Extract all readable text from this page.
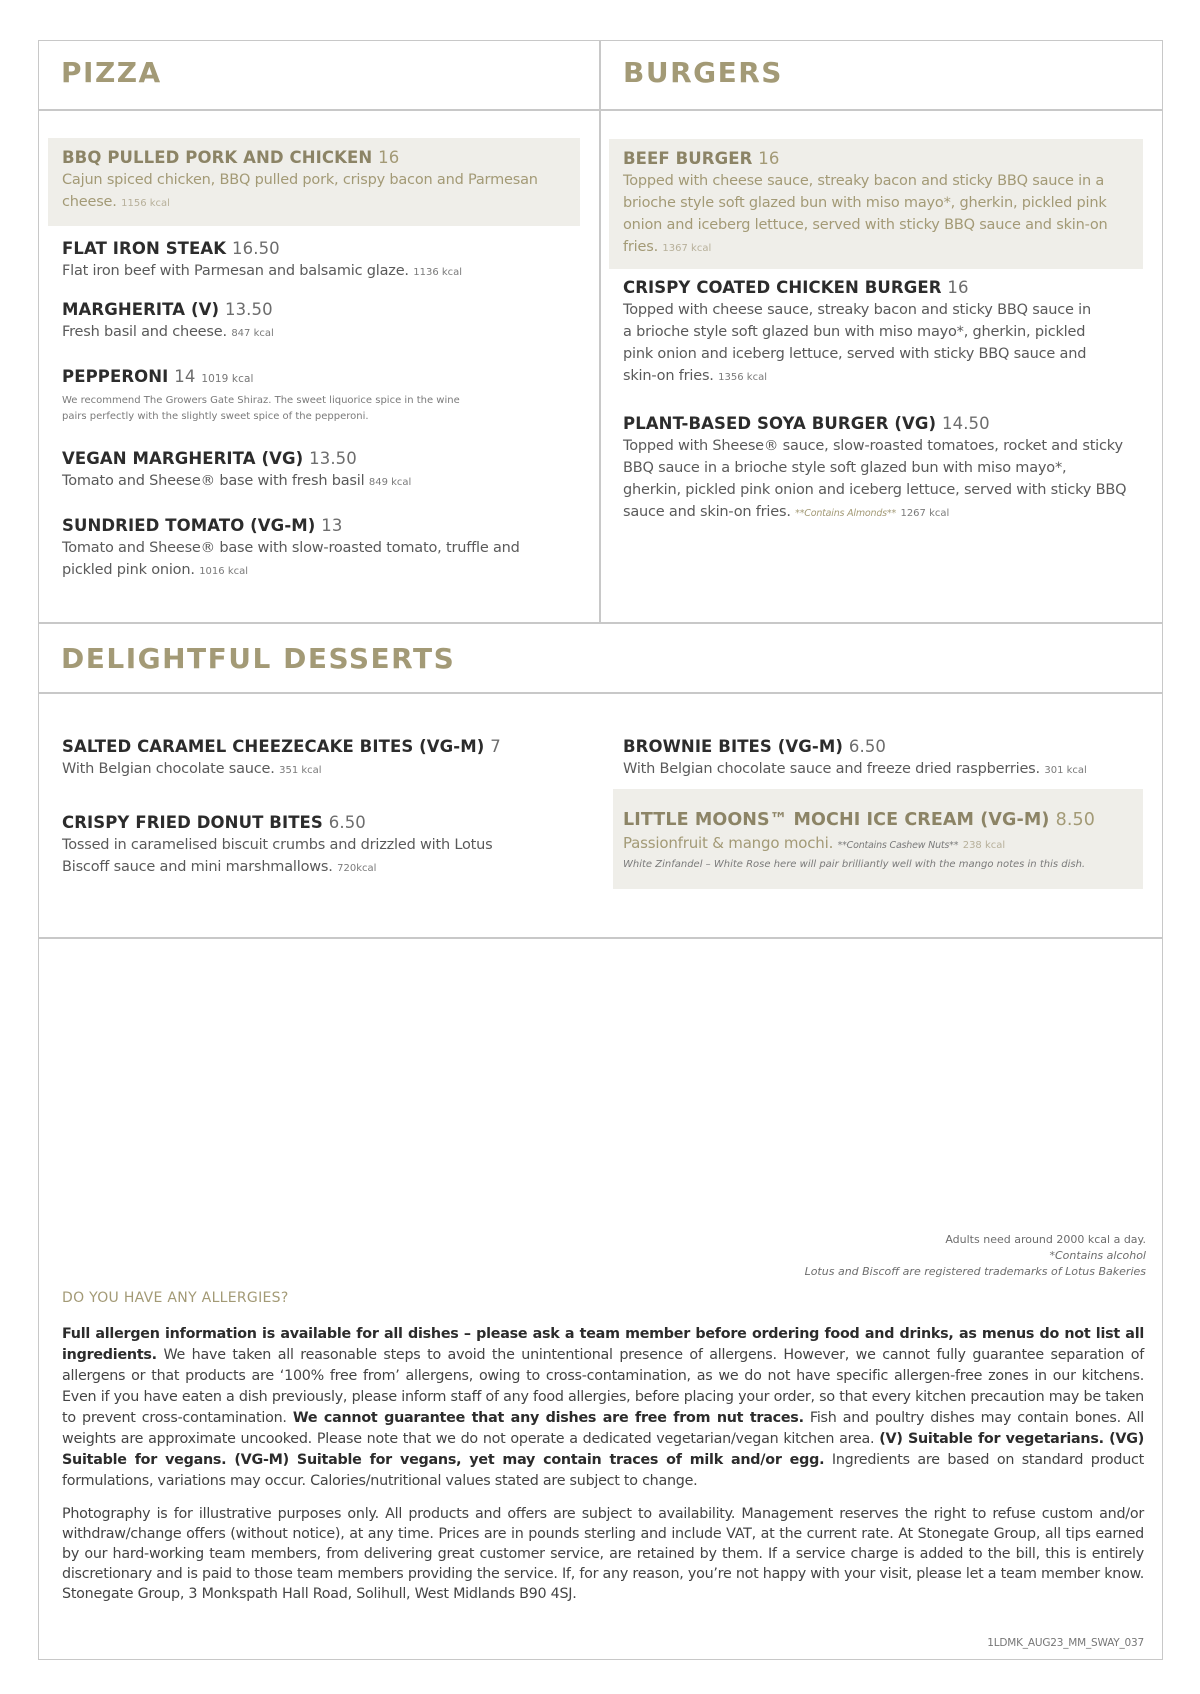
PIZZA
BBQ PULLED PORK AND CHICKEN 16
Cajun spiced chicken, BBQ pulled pork, crispy bacon and Parmesan cheese. 1156 kcal
FLAT IRON STEAK 16.50
Flat iron beef with Parmesan and balsamic glaze. 1136 kcal
MARGHERITA (V) 13.50
Fresh basil and cheese. 847 kcal
PEPPERONI 14 1019 kcal
We recommend The Growers Gate Shiraz. The sweet liquorice spice in the wine pairs perfectly with the slightly sweet spice of the pepperoni.
VEGAN MARGHERITA (VG) 13.50
Tomato and Sheese® base with fresh basil 849 kcal
SUNDRIED TOMATO (VG-M) 13
Tomato and Sheese® base with slow-roasted tomato, truffle and pickled pink onion. 1016 kcal
BURGERS
BEEF BURGER 16
Topped with cheese sauce, streaky bacon and sticky BBQ sauce in a brioche style soft glazed bun with miso mayo*, gherkin, pickled pink onion and iceberg lettuce, served with sticky BBQ sauce and skin-on fries. 1367 kcal
CRISPY COATED CHICKEN BURGER 16
Topped with cheese sauce, streaky bacon and sticky BBQ sauce in a brioche style soft glazed bun with miso mayo*, gherkin, pickled pink onion and iceberg lettuce, served with sticky BBQ sauce and skin-on fries. 1356 kcal
PLANT-BASED SOYA BURGER (VG) 14.50
Topped with Sheese® sauce, slow-roasted tomatoes, rocket and sticky BBQ sauce in a brioche style soft glazed bun with miso mayo*, gherkin, pickled pink onion and iceberg lettuce, served with sticky BBQ sauce and skin-on fries. **Contains Almonds** 1267 kcal
DELIGHTFUL DESSERTS
SALTED CARAMEL CHEEZECAKE BITES (VG-M) 7
With Belgian chocolate sauce. 351 kcal
CRISPY FRIED DONUT BITES 6.50
Tossed in caramelised biscuit crumbs and drizzled with Lotus Biscoff sauce and mini marshmallows. 720kcal
BROWNIE BITES (VG-M) 6.50
With Belgian chocolate sauce and freeze dried raspberries. 301 kcal
LITTLE MOONS™ MOCHI ICE CREAM (VG-M) 8.50
Passionfruit & mango mochi. **Contains Cashew Nuts** 238 kcal
White Zinfandel – White Rose here will pair brilliantly well with the mango notes in this dish.
Adults need around 2000 kcal a day.
*Contains alcohol
Lotus and Biscoff are registered trademarks of Lotus Bakeries
DO YOU HAVE ANY ALLERGIES?
Full allergen information is available for all dishes – please ask a team member before ordering food and drinks, as menus do not list all ingredients. We have taken all reasonable steps to avoid the unintentional presence of allergens. However, we cannot fully guarantee separation of allergens or that products are ‘100% free from’ allergens, owing to cross-contamination, as we do not have specific allergen-free zones in our kitchens. Even if you have eaten a dish previously, please inform staff of any food allergies, before placing your order, so that every kitchen precaution may be taken to prevent cross-contamination. We cannot guarantee that any dishes are free from nut traces. Fish and poultry dishes may contain bones. All weights are approximate uncooked. Please note that we do not operate a dedicated vegetarian/vegan kitchen area. (V) Suitable for vegetarians. (VG) Suitable for vegans. (VG-M) Suitable for vegans, yet may contain traces of milk and/or egg. Ingredients are based on standard product formulations, variations may occur. Calories/nutritional values stated are subject to change.
Photography is for illustrative purposes only. All products and offers are subject to availability. Management reserves the right to refuse custom and/or withdraw/change offers (without notice), at any time. Prices are in pounds sterling and include VAT, at the current rate. At Stonegate Group, all tips earned by our hard-working team members, from delivering great customer service, are retained by them. If a service charge is added to the bill, this is entirely discretionary and is paid to those team members providing the service. If, for any reason, you’re not happy with your visit, please let a team member know. Stonegate Group, 3 Monkspath Hall Road, Solihull, West Midlands B90 4SJ.
1LDMK_AUG23_MM_SWAY_037
